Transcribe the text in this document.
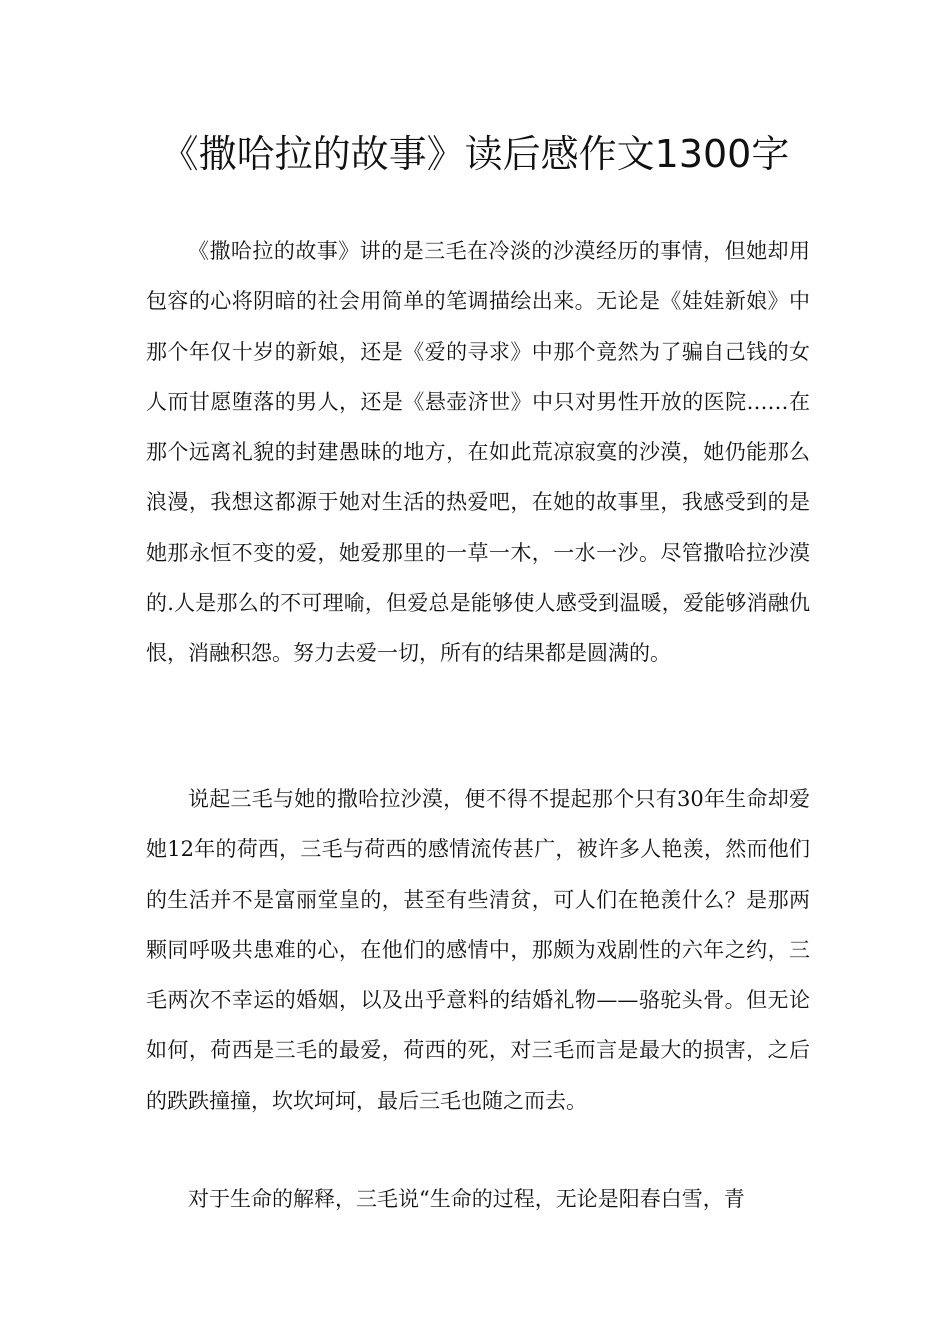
《撒哈拉的故事》读后感作文1300字

《撒哈拉的故事》讲的是三毛在冷淡的沙漠经历的事情，但她却用包容的心将阴暗的社会用简单的笔调描绘出来。无论是《娃娃新娘》中那个年仅十岁的新娘，还是《爱的寻求》中那个竟然为了骗自己钱的女人而甘愿堕落的男人，还是《悬壶济世》中只对男性开放的医院……在那个远离礼貌的封建愚昧的地方，在如此荒凉寂寞的沙漠，她仍能那么浪漫，我想这都源于她对生活的热爱吧，在她的故事里，我感受到的是她那永恒不变的爱，她爱那里的一草一木，一水一沙。尽管撒哈拉沙漠的.人是那么的不可理喻，但爱总是能够使人感受到温暖，爱能够消融仇恨，消融积怨。努力去爱一切，所有的结果都是圆满的。

说起三毛与她的撒哈拉沙漠，便不得不提起那个只有30年生命却爱她12年的荷西，三毛与荷西的感情流传甚广，被许多人艳羡，然而他们的生活并不是富丽堂皇的，甚至有些清贫，可人们在艳羡什么？是那两颗同呼吸共患难的心，在他们的感情中，那颇为戏剧性的六年之约，三毛两次不幸运的婚姻，以及出乎意料的结婚礼物——骆驼头骨。但无论如何，荷西是三毛的最爱，荷西的死，对三毛而言是最大的损害，之后的跌跌撞撞，坎坎坷坷，最后三毛也随之而去。

对于生命的解释，三毛说“生命的过程，无论是阳春白雪，青
